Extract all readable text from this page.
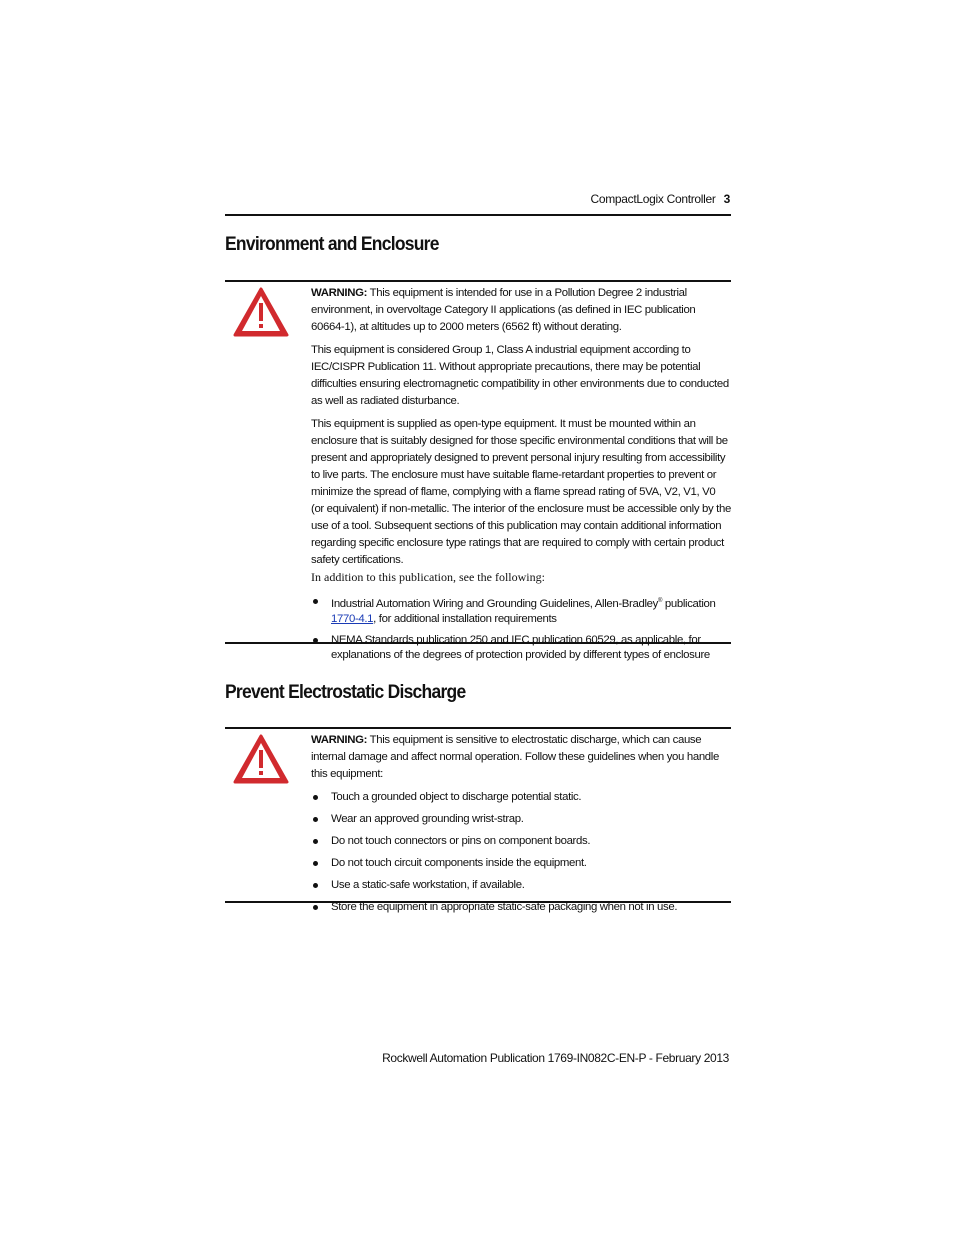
CompactLogix Controller 3
Environment and Enclosure

WARNING: This equipment is intended for use in a Pollution Degree 2 industrial environment, in overvoltage Category II applications (as defined in IEC publication 60664-1), at altitudes up to 2000 meters (6562 ft) without derating.

This equipment is considered Group 1, Class A industrial equipment according to IEC/CISPR Publication 11. Without appropriate precautions, there may be potential difficulties ensuring electromagnetic compatibility in other environments due to conducted as well as radiated disturbance.

This equipment is supplied as open-type equipment. It must be mounted within an enclosure that is suitably designed for those specific environmental conditions that will be present and appropriately designed to prevent personal injury resulting from accessibility to live parts. The enclosure must have suitable flame-retardant properties to prevent or minimize the spread of flame, complying with a flame spread rating of 5VA, V2, V1, V0 (or equivalent) if non-metallic. The interior of the enclosure must be accessible only by the use of a tool. Subsequent sections of this publication may contain additional information regarding specific enclosure type ratings that are required to comply with certain product safety certifications.

In addition to this publication, see the following:

Industrial Automation Wiring and Grounding Guidelines, Allen-Bradley® publication 1770-4.1, for additional installation requirements
NEMA Standards publication 250 and IEC publication 60529, as applicable, for explanations of the degrees of protection provided by different types of enclosure
Prevent Electrostatic Discharge

WARNING: This equipment is sensitive to electrostatic discharge, which can cause internal damage and affect normal operation. Follow these guidelines when you handle this equipment:

Touch a grounded object to discharge potential static.
Wear an approved grounding wrist-strap.
Do not touch connectors or pins on component boards.
Do not touch circuit components inside the equipment.
Use a static-safe workstation, if available.
Store the equipment in appropriate static-safe packaging when not in use.
Rockwell Automation Publication 1769-IN082C-EN-P - February 2013
